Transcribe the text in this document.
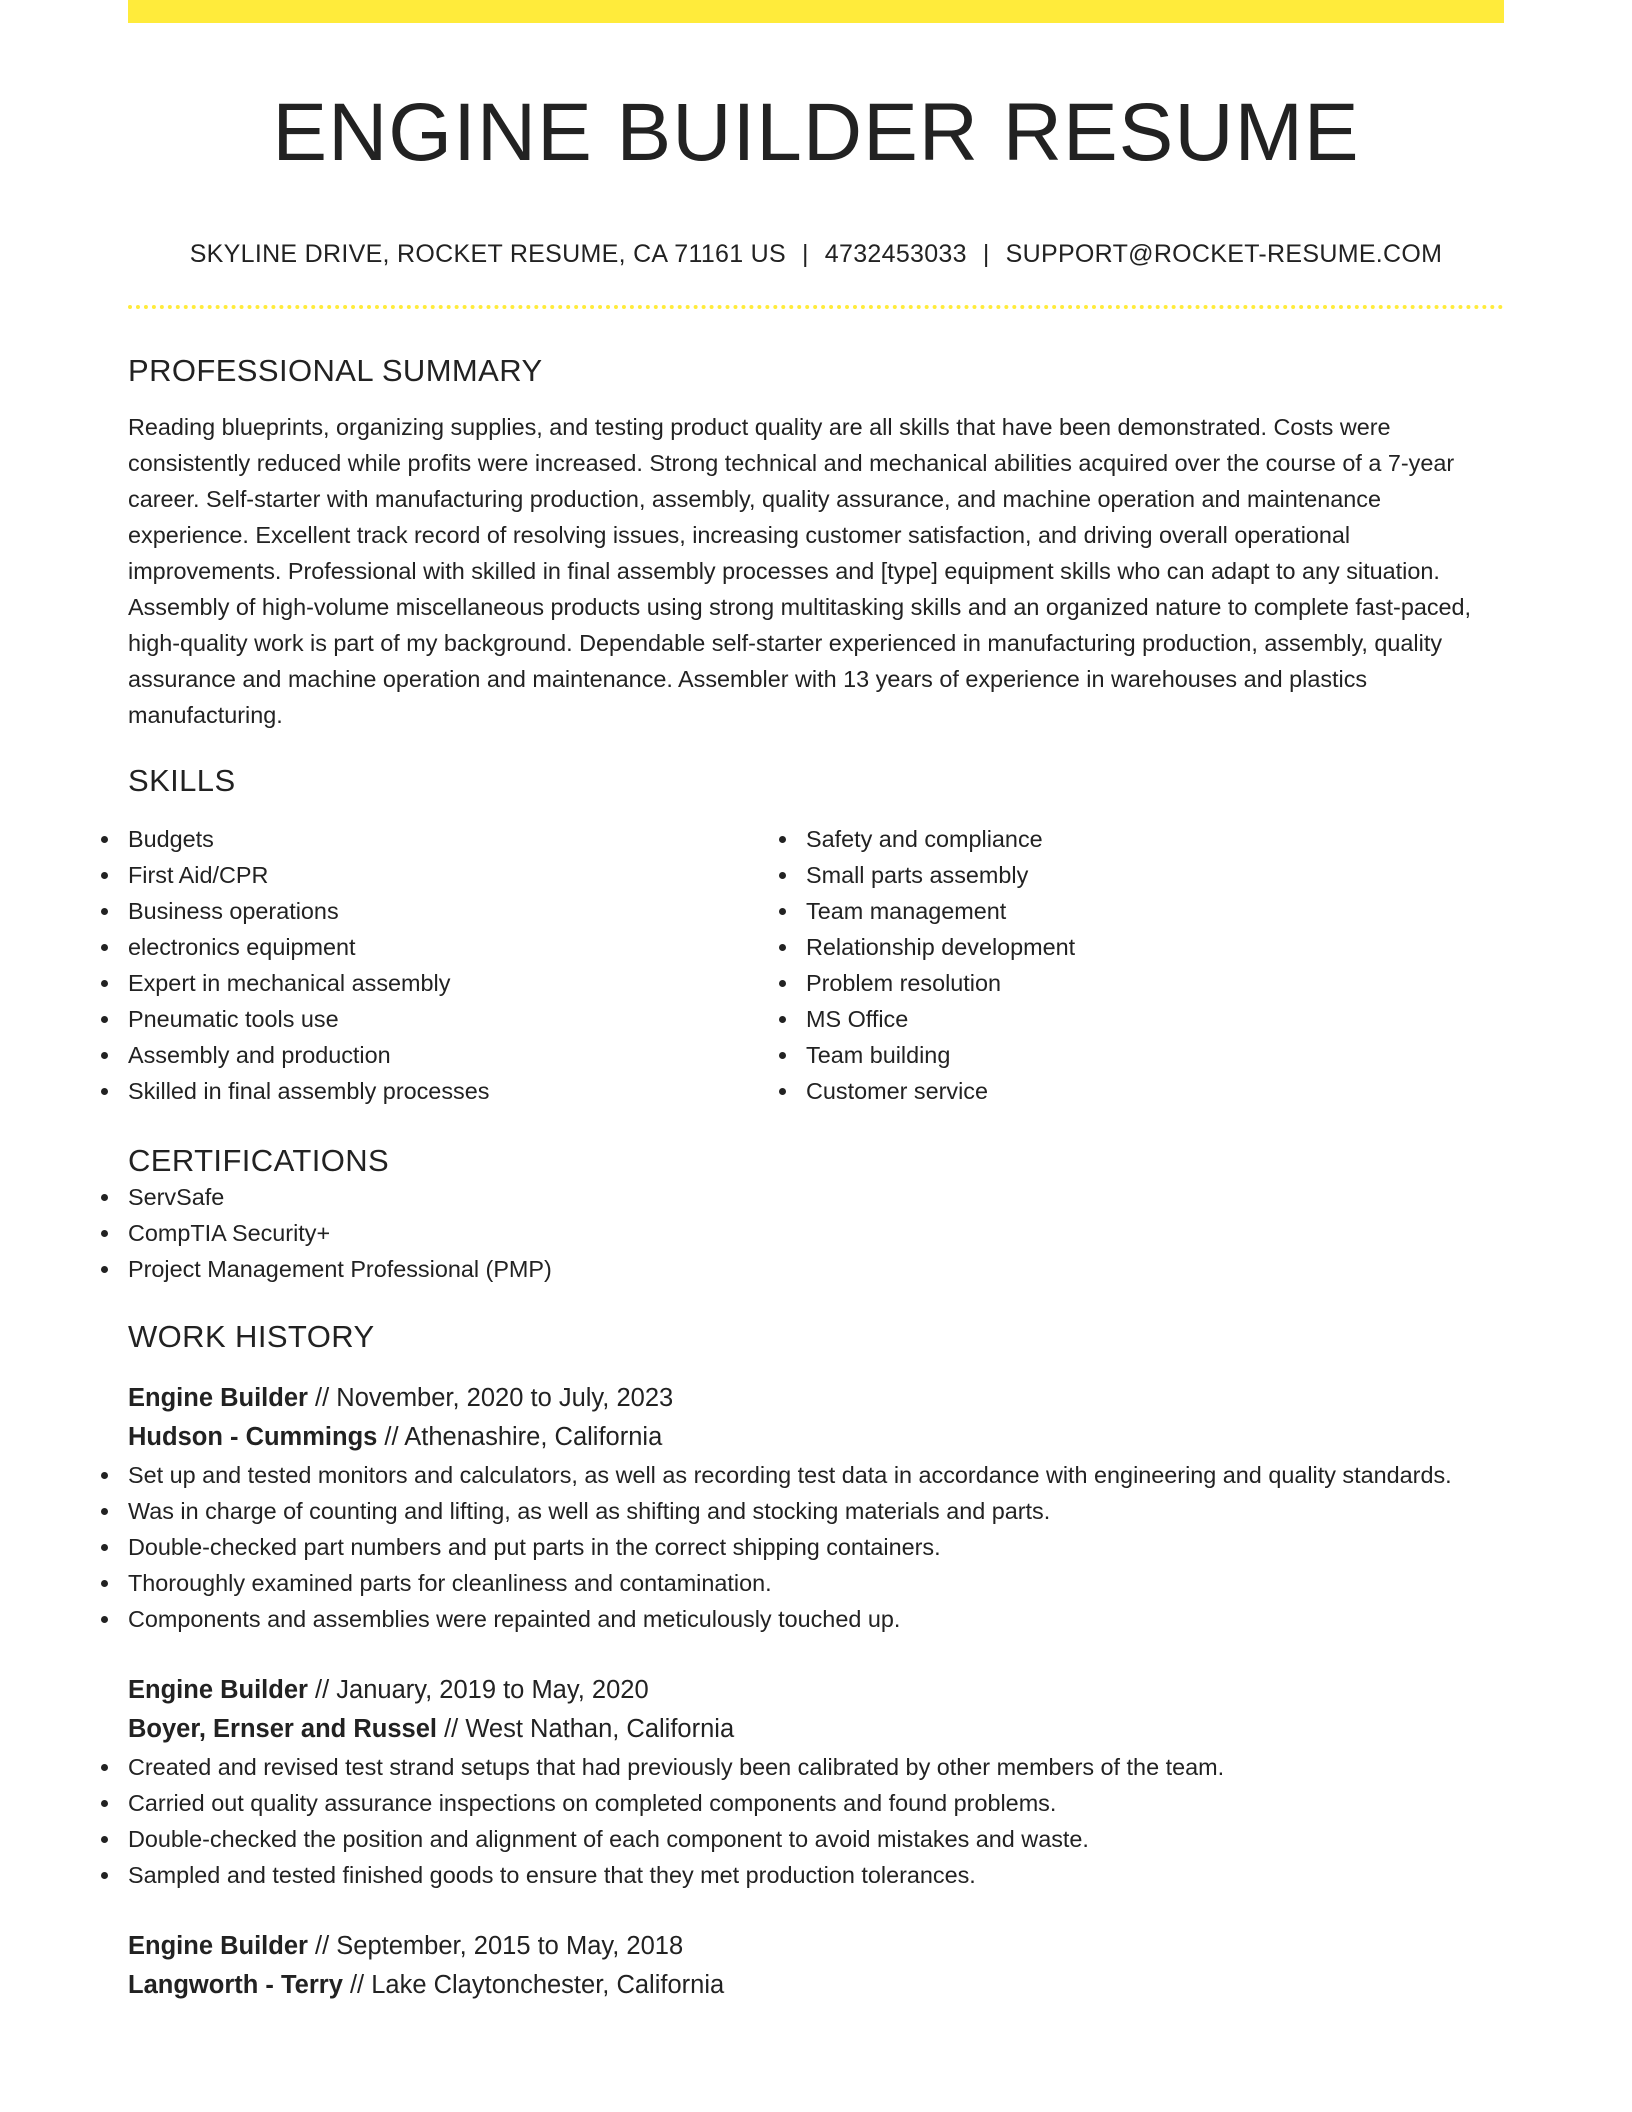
ENGINE BUILDER RESUME
SKYLINE DRIVE, ROCKET RESUME, CA 71161 US | 4732453033 | SUPPORT@ROCKET-RESUME.COM
PROFESSIONAL SUMMARY

Reading blueprints, organizing supplies, and testing product quality are all skills that have been demonstrated. Costs were consistently reduced while profits were increased. Strong technical and mechanical abilities acquired over the course of a 7-year career. Self-starter with manufacturing production, assembly, quality assurance, and machine operation and maintenance experience. Excellent track record of resolving issues, increasing customer satisfaction, and driving overall operational improvements. Professional with skilled in final assembly processes and [type] equipment skills who can adapt to any situation. Assembly of high-volume miscellaneous products using strong multitasking skills and an organized nature to complete fast-paced, high-quality work is part of my background. Dependable self-starter experienced in manufacturing production, assembly, quality assurance and machine operation and maintenance. Assembler with 13 years of experience in warehouses and plastics manufacturing.

SKILLS
Budgets
First Aid/CPR
Business operations
electronics equipment
Expert in mechanical assembly
Pneumatic tools use
Assembly and production
Skilled in final assembly processes
Safety and compliance
Small parts assembly
Team management
Relationship development
Problem resolution
MS Office
Team building
Customer service
CERTIFICATIONS
ServSafe
CompTIA Security+
Project Management Professional (PMP)
WORK HISTORY
Engine Builder // November, 2020 to July, 2023
Hudson - Cummings // Athenashire, California
Set up and tested monitors and calculators, as well as recording test data in accordance with engineering and quality standards.
Was in charge of counting and lifting, as well as shifting and stocking materials and parts.
Double-checked part numbers and put parts in the correct shipping containers.
Thoroughly examined parts for cleanliness and contamination.
Components and assemblies were repainted and meticulously touched up.
Engine Builder // January, 2019 to May, 2020
Boyer, Ernser and Russel // West Nathan, California
Created and revised test strand setups that had previously been calibrated by other members of the team.
Carried out quality assurance inspections on completed components and found problems.
Double-checked the position and alignment of each component to avoid mistakes and waste.
Sampled and tested finished goods to ensure that they met production tolerances.
Engine Builder // September, 2015 to May, 2018
Langworth - Terry // Lake Claytonchester, California
